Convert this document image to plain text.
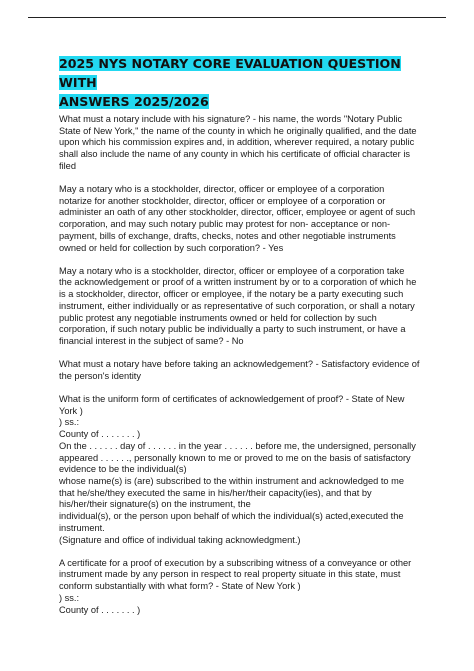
2025 NYS NOTARY CORE EVALUATION QUESTION WITH
ANSWERS 2025/2026
What must a notary include with his signature? - his name, the words "Notary Public
State of New York," the name of the county in which he originally qualified, and the date
upon which his commission expires and, in addition, wherever required, a notary public
shall also include the name of any county in which his certificate of official character is
filed
May a notary who is a stockholder, director, officer or employee of a corporation
notarize for another stockholder, director, officer or employee of a corporation or
administer an oath of any other stockholder, director, officer, employee or agent of such
corporation, and may such notary public may protest for non- acceptance or non-
payment, bills of exchange, drafts, checks, notes and other negotiable instruments
owned or held for collection by such corporation? - Yes
May a notary who is a stockholder, director, officer or employee of a corporation take
the acknowledgement or proof of a written instrument by or to a corporation of which he
is a stockholder, director, officer or employee, if the notary be a party executing such
instrument, either individually or as representative of such corporation, or shall a notary
public protest any negotiable instruments owned or held for collection by such
corporation, if such notary public be individually a party to such instrument, or have a
financial interest in the subject of same? - No
What must a notary have before taking an acknowledgement? - Satisfactory evidence of
the person's identity
What is the uniform form of certificates of acknowledgement of proof? - State of New
York )
) ss.:
County of . . . . . . . )
On the . . . . . . day of . . . . . . in the year . . . . . . before me, the undersigned, personally
appeared . . . . . ., personally known to me or proved to me on the basis of satisfactory
evidence to be the individual(s)
whose name(s) is (are) subscribed to the within instrument and acknowledged to me
that he/she/they executed the same in his/her/their capacity(ies), and that by
his/her/their signature(s) on the instrument, the
individual(s), or the person upon behalf of which the individual(s) acted,executed the
instrument.
(Signature and office of individual taking acknowledgment.)
A certificate for a proof of execution by a subscribing witness of a conveyance or other
instrument made by any person in respect to real property situate in this state, must
conform substantially with what form? - State of New York )
) ss.:
County of . . . . . . . )
